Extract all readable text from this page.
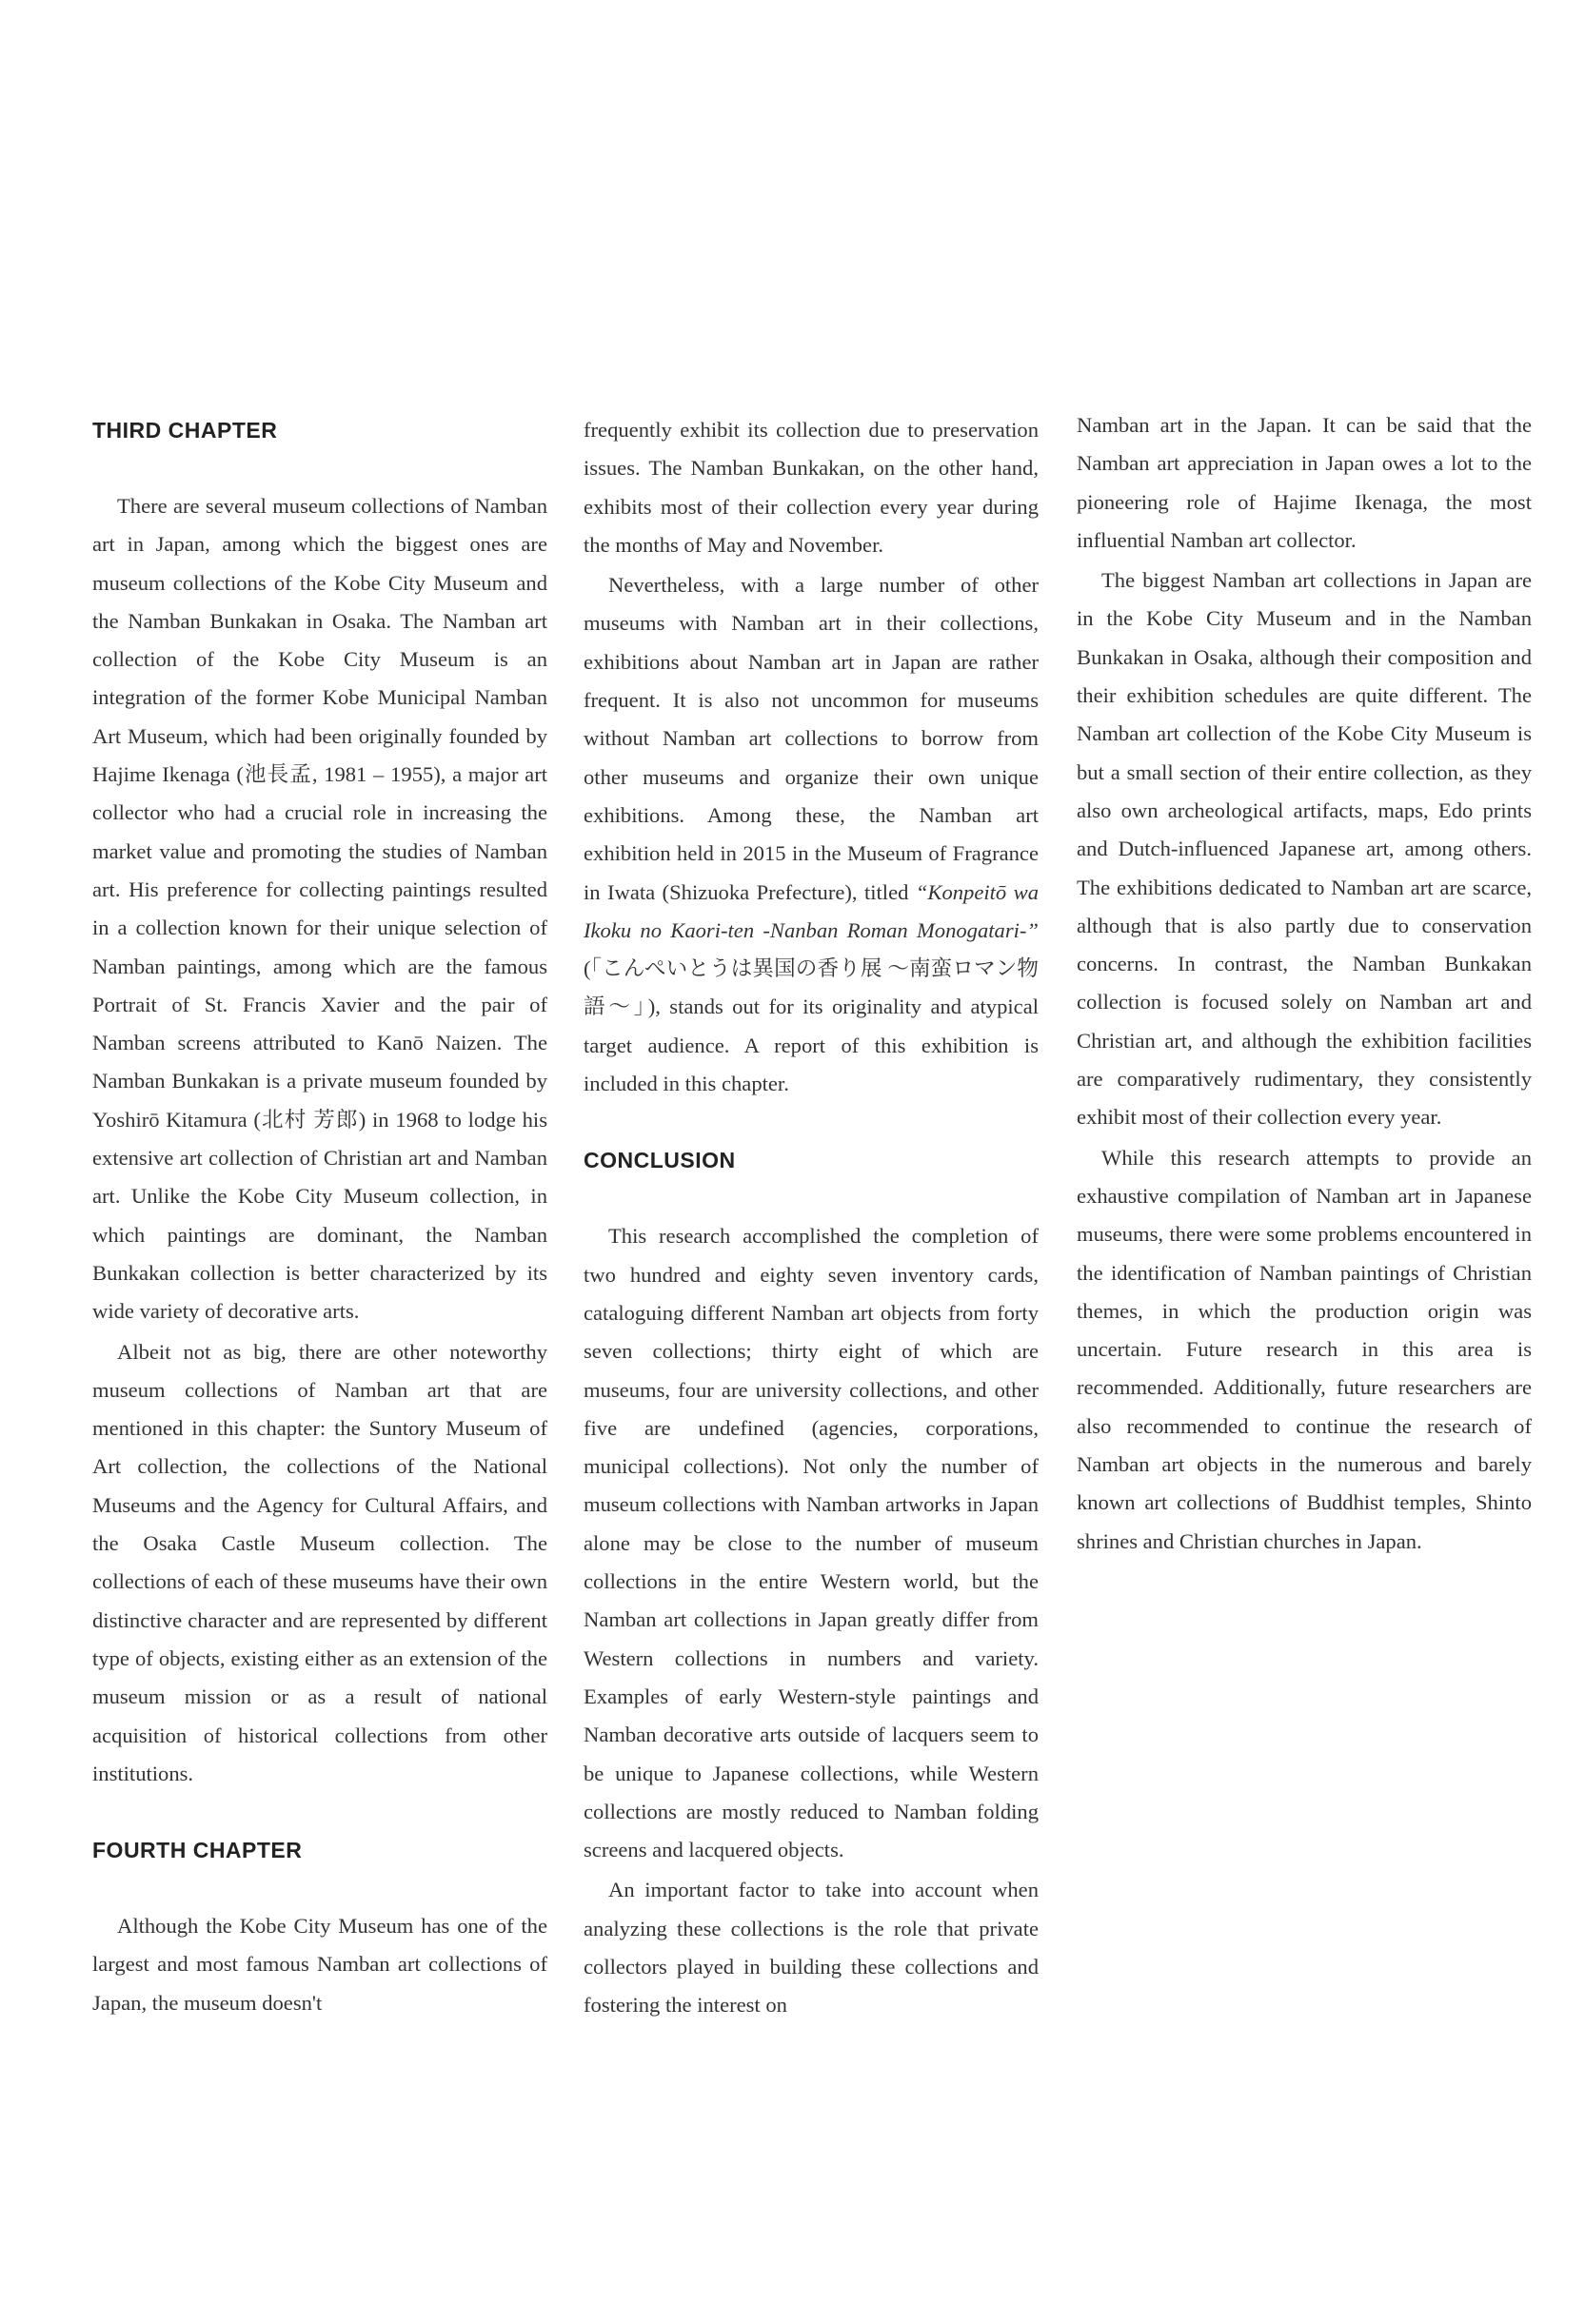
THIRD CHAPTER

There are several museum collections of Namban art in Japan, among which the biggest ones are museum collections of the Kobe City Museum and the Namban Bunkakan in Osaka. The Namban art collection of the Kobe City Museum is an integration of the former Kobe Municipal Namban Art Museum, which had been originally founded by Hajime Ikenaga (池長孟, 1981 – 1955), a major art collector who had a crucial role in increasing the market value and promoting the studies of Namban art. His preference for collecting paintings resulted in a collection known for their unique selection of Namban paintings, among which are the famous Portrait of St. Francis Xavier and the pair of Namban screens attributed to Kanō Naizen. The Namban Bunkakan is a private museum founded by Yoshirō Kitamura (北村 芳郎) in 1968 to lodge his extensive art collection of Christian art and Namban art. Unlike the Kobe City Museum collection, in which paintings are dominant, the Namban Bunkakan collection is better characterized by its wide variety of decorative arts.

Albeit not as big, there are other noteworthy museum collections of Namban art that are mentioned in this chapter: the Suntory Museum of Art collection, the collections of the National Museums and the Agency for Cultural Affairs, and the Osaka Castle Museum collection. The collections of each of these museums have their own distinctive character and are represented by different type of objects, existing either as an extension of the museum mission or as a result of national acquisition of historical collections from other institutions.

FOURTH CHAPTER

Although the Kobe City Museum has one of the largest and most famous Namban art collections of Japan, the museum doesn't

frequently exhibit its collection due to preservation issues. The Namban Bunkakan, on the other hand, exhibits most of their collection every year during the months of May and November.

Nevertheless, with a large number of other museums with Namban art in their collections, exhibitions about Namban art in Japan are rather frequent. It is also not uncommon for museums without Namban art collections to borrow from other museums and organize their own unique exhibitions. Among these, the Namban art exhibition held in 2015 in the Museum of Fragrance in Iwata (Shizuoka Prefecture), titled “Konpeitō wa Ikoku no Kaori-ten -Nanban Roman Monogatari-” (「こんぺいとうは異国の香り展 〜南蛮ロマン物語〜」), stands out for its originality and atypical target audience. A report of this exhibition is included in this chapter.

CONCLUSION

This research accomplished the completion of two hundred and eighty seven inventory cards, cataloguing different Namban art objects from forty seven collections; thirty eight of which are museums, four are university collections, and other five are undefined (agencies, corporations, municipal collections). Not only the number of museum collections with Namban artworks in Japan alone may be close to the number of museum collections in the entire Western world, but the Namban art collections in Japan greatly differ from Western collections in numbers and variety. Examples of early Western-style paintings and Namban decorative arts outside of lacquers seem to be unique to Japanese collections, while Western collections are mostly reduced to Namban folding screens and lacquered objects.

An important factor to take into account when analyzing these collections is the role that private collectors played in building these collections and fostering the interest on

Namban art in the Japan. It can be said that the Namban art appreciation in Japan owes a lot to the pioneering role of Hajime Ikenaga, the most influential Namban art collector.

The biggest Namban art collections in Japan are in the Kobe City Museum and in the Namban Bunkakan in Osaka, although their composition and their exhibition schedules are quite different. The Namban art collection of the Kobe City Museum is but a small section of their entire collection, as they also own archeological artifacts, maps, Edo prints and Dutch-influenced Japanese art, among others. The exhibitions dedicated to Namban art are scarce, although that is also partly due to conservation concerns. In contrast, the Namban Bunkakan collection is focused solely on Namban art and Christian art, and although the exhibition facilities are comparatively rudimentary, they consistently exhibit most of their collection every year.

While this research attempts to provide an exhaustive compilation of Namban art in Japanese museums, there were some problems encountered in the identification of Namban paintings of Christian themes, in which the production origin was uncertain. Future research in this area is recommended. Additionally, future researchers are also recommended to continue the research of Namban art objects in the numerous and barely known art collections of Buddhist temples, Shinto shrines and Christian churches in Japan.
